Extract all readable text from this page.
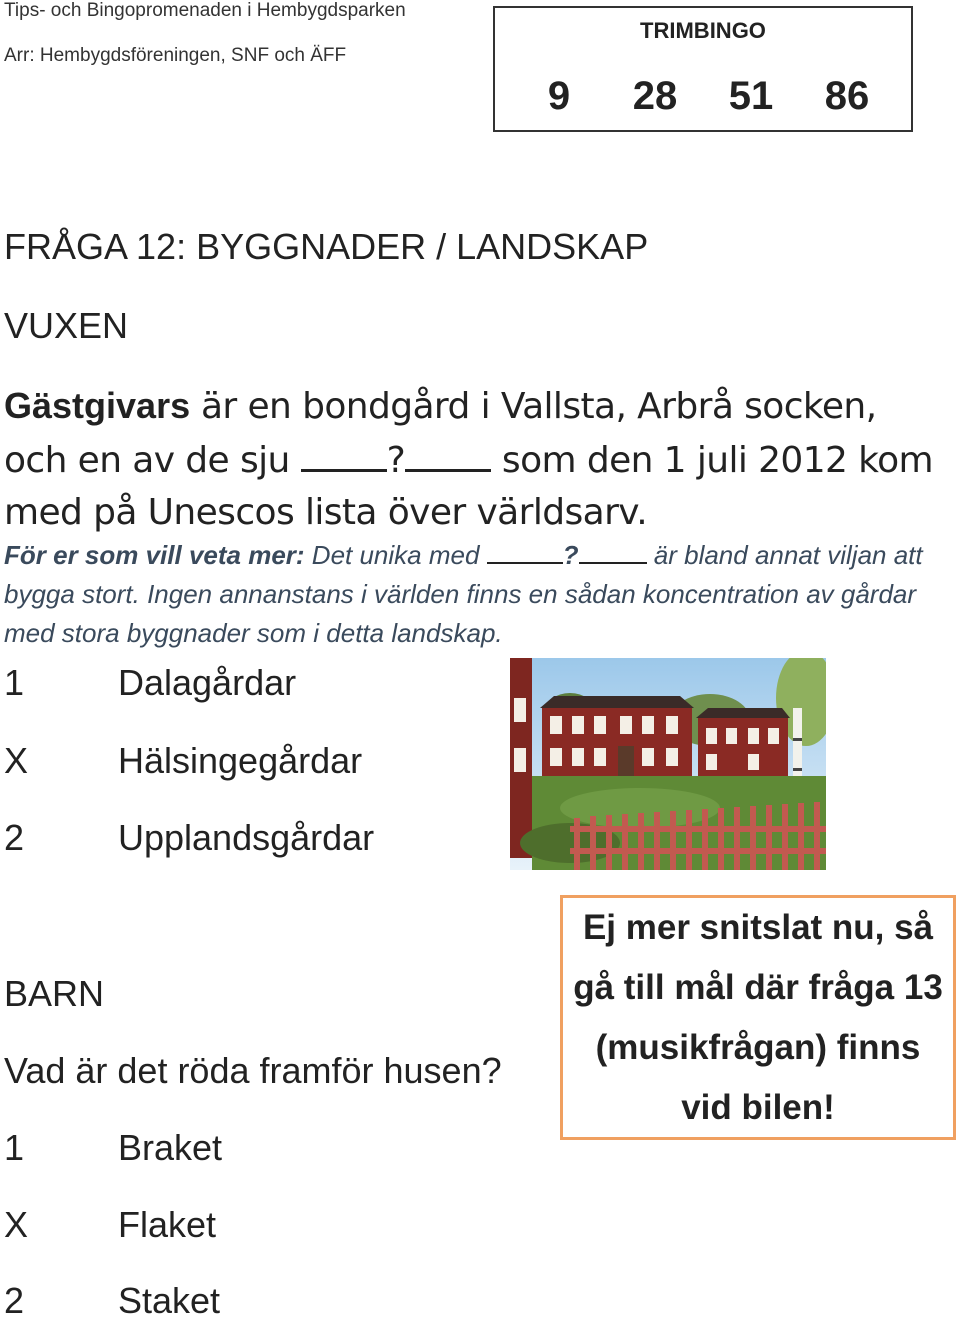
Tips- och Bingopromenaden i Hembygdsparken
Arr: Hembygdsföreningen, SNF och ÄFF
TRIMBINGO
9 28 51 86
FRÅGA 12: BYGGNADER / LANDSKAP
VUXEN
Gästgivars är en bondgård i Vallsta, Arbrå socken, och en av de sju ? som den 1 juli 2012 kom med på Unescos lista över världsarv.
För er som vill veta mer: Det unika med	?	är bland annat viljan att bygga stort. Ingen annanstans i världen finns en sådan koncentration av gårdar med stora byggnader som i detta landskap.
1	Dalagårdar
X Hälsingegårdar
2	Upplandsgårdar
Ej mer snitslat nu, så gå till mål där fråga 13 (musikfrågan) finns vid bilen!
BARN
Vad är det röda framför husen?
1	Braket
X Flaket
2	Staket
